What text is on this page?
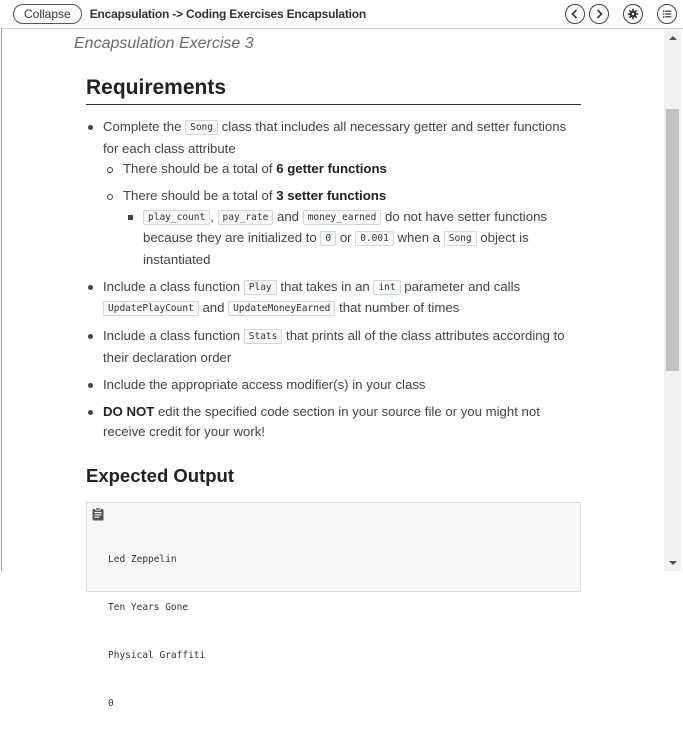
Collapse	Encapsulation -> Coding Exercises Encapsulation
Encapsulation Exercise 3
Requirements
Complete the Song class that includes all necessary getter and setter functions for each class attribute
There should be a total of 6 getter functions
There should be a total of 3 setter functions
play_count , pay_rate and money_earned do not have setter functions because they are initialized to 0 or 0.001 when a Song object is instantiated
Include a class function Play that takes in an int parameter and calls UpdatePlayCount and UpdateMoneyEarned that number of times
Include a class function Stats that prints all of the class attributes according to their declaration order
Include the appropriate access modifier(s) in your class
DO NOT edit the specified code section in your source file or you might not receive credit for your work!
Expected Output

Led Zeppelin

Ten Years Gone

Physical Graffiti

0
